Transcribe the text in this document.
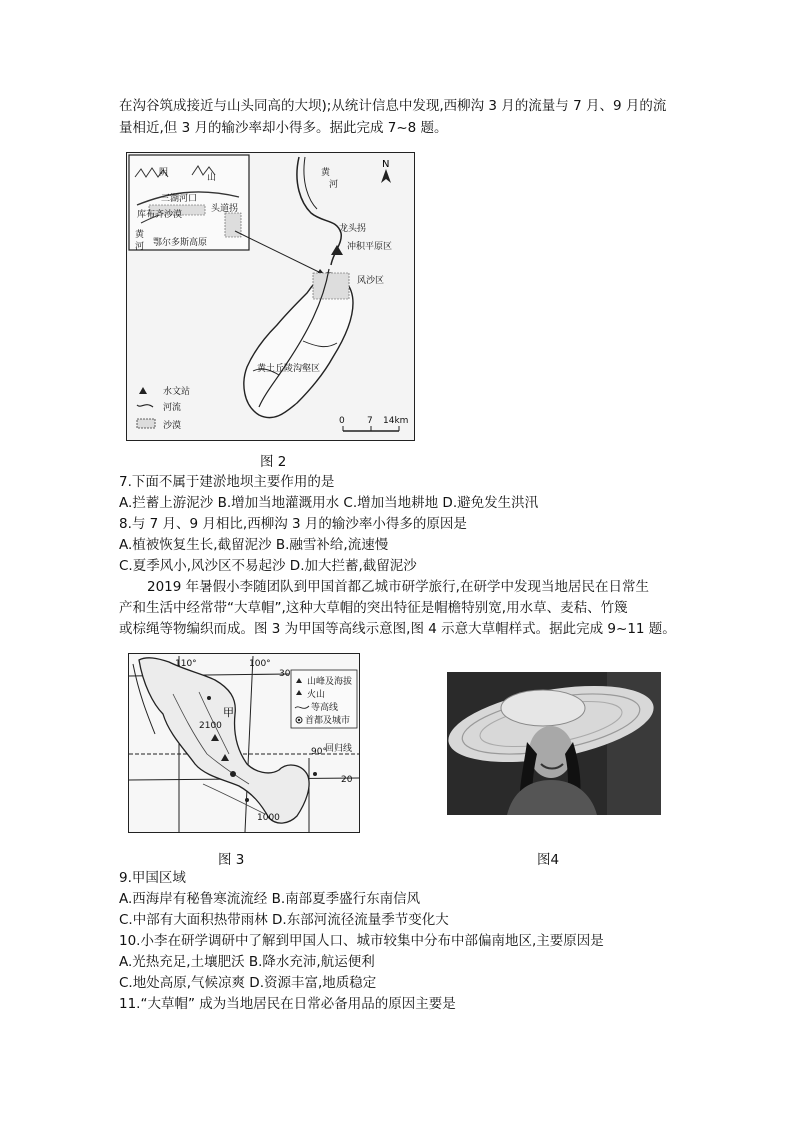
在沟谷筑成接近与山头同高的大坝);从统计信息中发现,西柳沟 3 月的流量与 7 月、9 月的流
量相近,但 3 月的输沙率却小得多。据此完成 7~8 题。
阴	山
三湖河口
头道拐
库布齐沙漠
黄
河 鄂尔多斯高原
黄
河
N
龙头拐
冲积平原区
风沙区
黄土丘陵沟壑区
水文站
河流
沙漠	0 7 14km
图 2
7.下面不属于建淤地坝主要作用的是
A.拦蓄上游泥沙 B.增加当地灌溉用水 C.增加当地耕地 D.避免发生洪汛
8.与 7 月、9 月相比,西柳沟 3 月的输沙率小得多的原因是
A.植被恢复生长,截留泥沙 B.融雪补给,流速慢
C.夏季风小,风沙区不易起沙 D.加大拦蓄,截留泥沙
2019 年暑假小李随团队到甲国首都乙城市研学旅行,在研学中发现当地居民在日常生
产和生活中经常带“大草帽”,这种大草帽的突出特征是帽檐特别宽,用水草、麦秸、竹篾
或棕绳等物编织而成。图 3 为甲国等高线示意图,图 4 示意大草帽样式。据此完成 9~11 题。
110°	100°
90°
30
20
回归线
甲
2100
1000
山峰及海拔
火山
等高线
首都及城市
图 3	图4
9.甲国区域
A.西海岸有秘鲁寒流流经 B.南部夏季盛行东南信风
C.中部有大面积热带雨林 D.东部河流径流量季节变化大
10.小李在研学调研中了解到甲国人口、城市较集中分布中部偏南地区,主要原因是
A.光热充足,土壤肥沃 B.降水充沛,航运便利
C.地处高原,气候凉爽 D.资源丰富,地质稳定
11.“大草帽” 成为当地居民在日常必备用品的原因主要是
